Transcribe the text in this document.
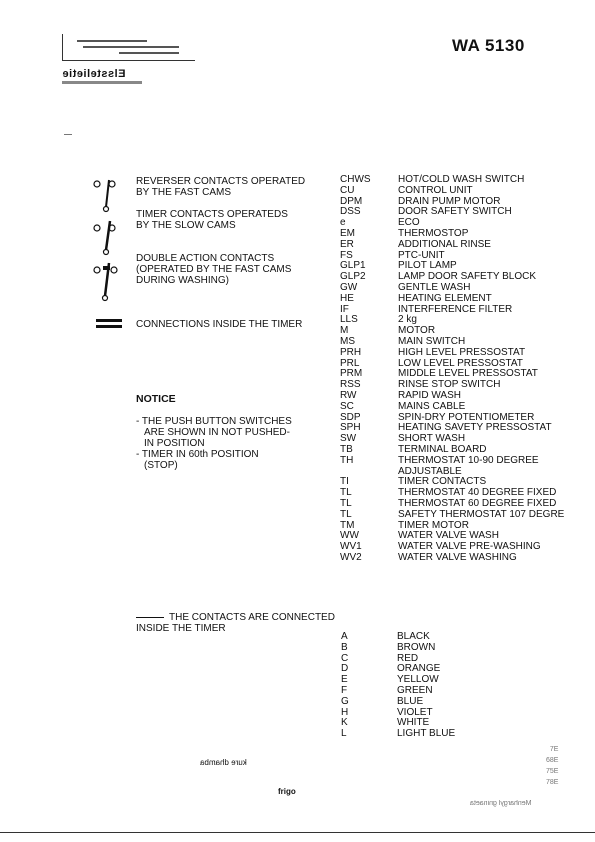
WA 5130
Elsstelietie
REVERSER CONTACTS OPERATED
BY THE FAST CAMS
TIMER CONTACTS OPERATEDS
BY THE SLOW CAMS
DOUBLE ACTION CONTACTS
(OPERATED BY THE FAST CAMS
DURING WASHING)
CONNECTIONS INSIDE THE TIMER
NOTICE
- THE PUSH BUTTON SWITCHES
ARE SHOWN IN NOT PUSHED-
IN POSITION
- TIMER IN 60th POSITION
(STOP)
CHWS	HOT/COLD WASH SWITCH
CU	CONTROL UNIT
DPM	DRAIN PUMP MOTOR
DSS	DOOR SAFETY SWITCH
e	ECO
EM	THERMOSTOP
ER	ADDITIONAL RINSE
FS	PTC-UNIT
GLP1	PILOT LAMP
GLP2	LAMP DOOR SAFETY BLOCK
GW	GENTLE WASH
HE	HEATING ELEMENT
IF	INTERFERENCE FILTER
LLS	2 kg
M	MOTOR
MS	MAIN SWITCH
PRH	HIGH LEVEL PRESSOSTAT
PRL	LOW LEVEL PRESSOSTAT
PRM	MIDDLE LEVEL PRESSOSTAT
RSS	RINSE STOP SWITCH
RW	RAPID WASH
SC	MAINS CABLE
SDP	SPIN-DRY POTENTIOMETER
SPH	HEATING SAVETY PRESSOSTAT
SW	SHORT WASH
TB	TERMINAL BOARD
TH	THERMOSTAT 10-90 DEGREE
ADJUSTABLE
TI	TIMER CONTACTS
TL	THERMOSTAT 40 DEGREE FIXED
TL	THERMOSTAT 60 DEGREE FIXED
TL	SAFETY THERMOSTAT 107 DEGRE
TM	TIMER MOTOR
WW	WATER VALVE WASH
WV1	WATER VALVE PRE-WASHING
WV2	WATER VALVE WASHING
THE CONTACTS ARE CONNECTED
INSIDE THE TIMER
A	BLACK
B	BROWN
C	RED
D	ORANGE
E	YELLOW
F	GREEN
G	BLUE
H	VIOLET
K	WHITE
L	LIGHT BLUE
kure dhamba
frigo
7E
68E
75E
78E
Menhargyl gninaeta
